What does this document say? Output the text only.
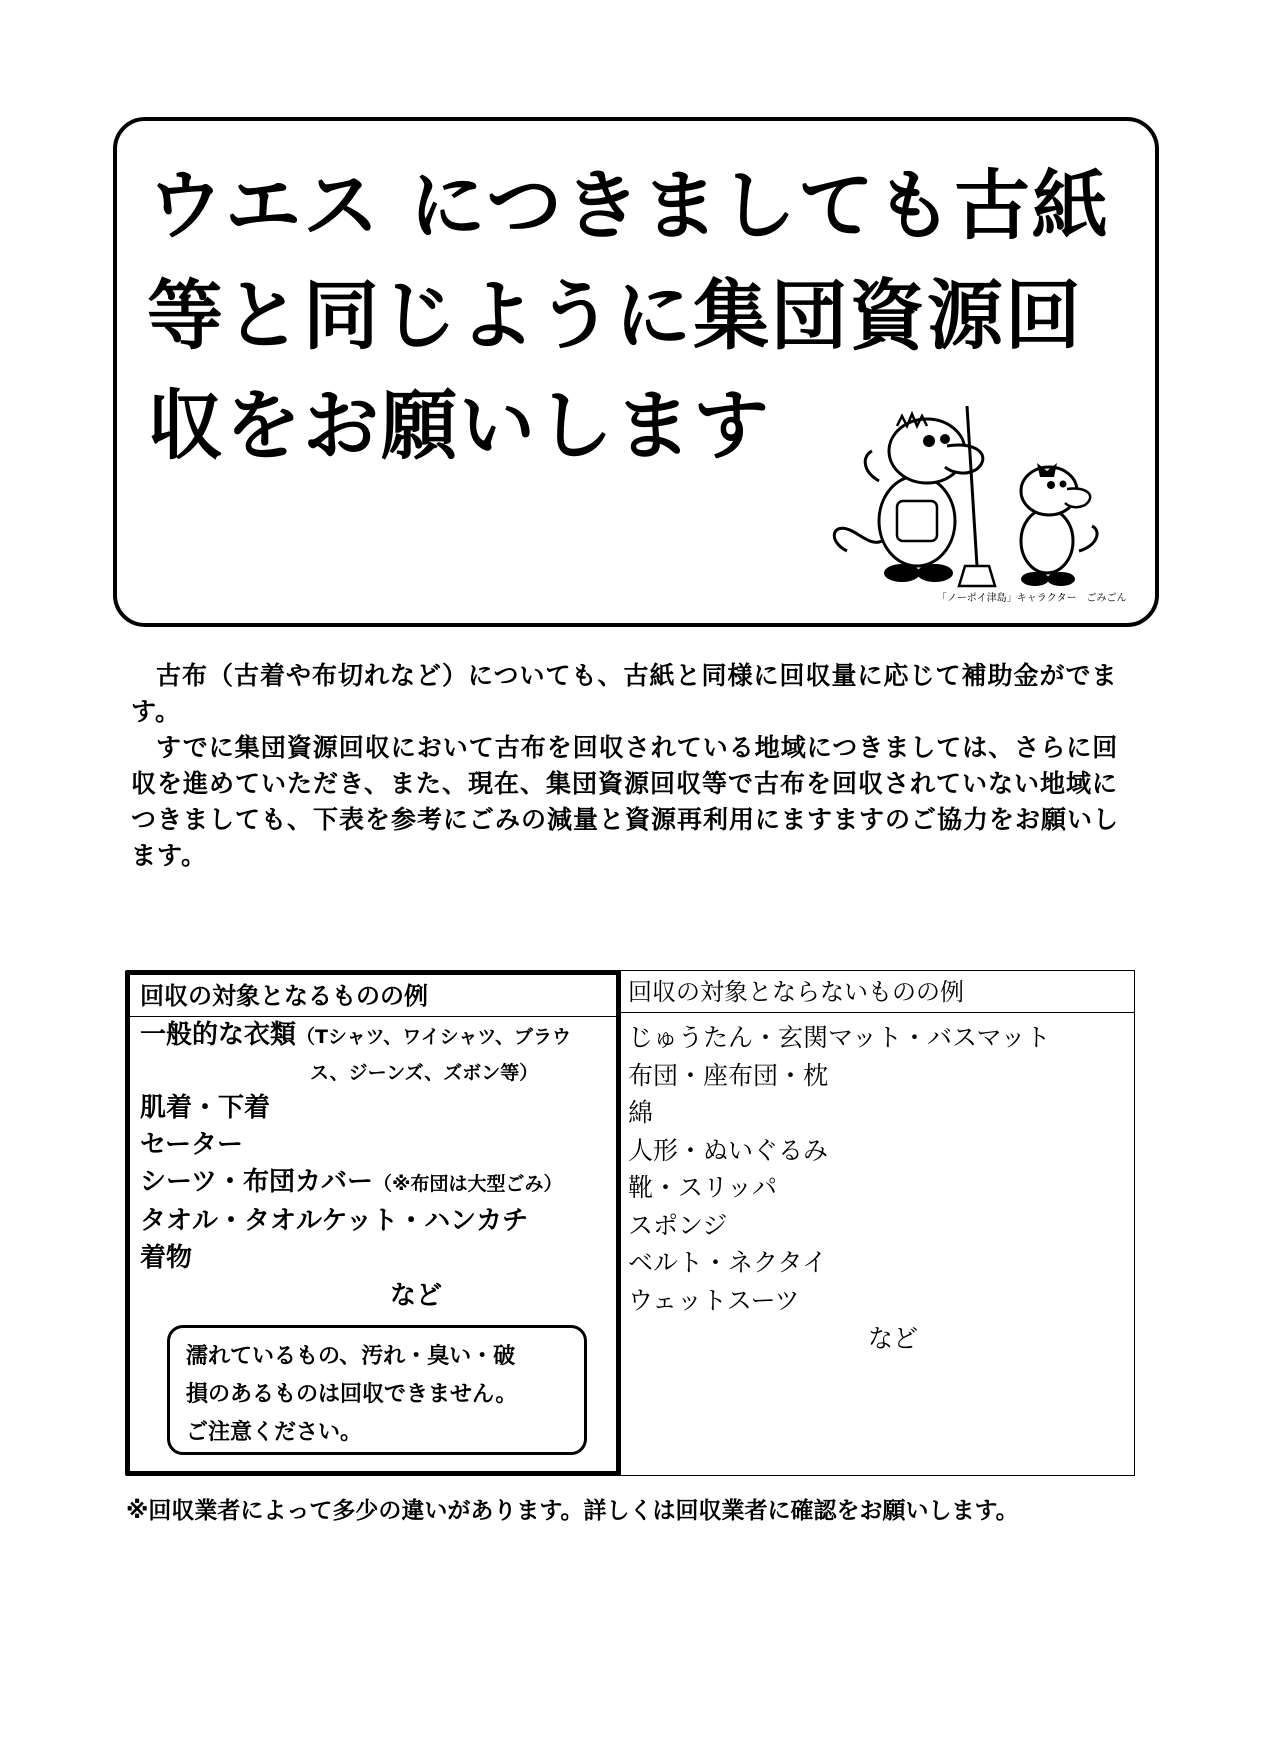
ウエス につきましても古紙
等と同じように集団資源回
収をお願いします
「ノーポイ津島」キャラクター　ごみごん

古布（古着や布切れなど）についても、古紙と同様に回収量に応じて補助金がでます。

すでに集団資源回収において古布を回収されている地域につきましては、さらに回収を進めていただき、また、現在、集団資源回収等で古布を回収されていない地域につきましても、下表を参考にごみの減量と資源再利用にますますのご協力をお願いします。

回収の対象となるものの例
一般的な衣類（Tシャツ、ワイシャツ、ブラウ
ス、ジーンズ、ズボン等）
肌着・下着
セーター
シーツ・布団カバー（※布団は大型ごみ）
タオル・タオルケット・ハンカチ
着物
など
濡れているもの、汚れ・臭い・破
損のあるものは回収できません。
ご注意ください。
回収の対象とならないものの例
じゅうたん・玄関マット・バスマット
布団・座布団・枕
綿
人形・ぬいぐるみ
靴・スリッパ
スポンジ
ベルト・ネクタイ
ウェットスーツ
など
※回収業者によって多少の違いがあります。詳しくは回収業者に確認をお願いします。
